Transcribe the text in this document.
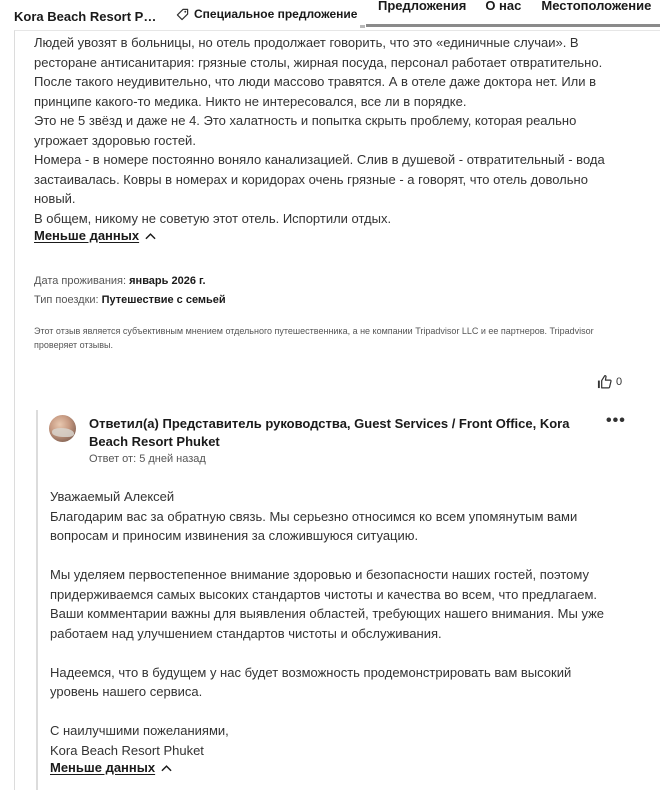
Kora Beach Resort P…	Специальное предложение
Предложения О нас Местоположение

Людей увозят в больницы, но отель продолжает говорить, что это «единичные случаи». В ресторане антисанитария: грязные столы, жирная посуда, персонал работает отвратительно. После такого неудивительно, что люди массово травятся. А в отеле даже доктора нет. Или в принципе какого-то медика. Никто не интересовался, все ли в порядке.

Это не 5 звёзд и даже не 4. Это халатность и попытка скрыть проблему, которая реально угрожает здоровью гостей.

Номера - в номере постоянно воняло канализацией. Слив в душевой - отвратительный - вода застаивалась. Ковры в номерах и коридорах очень грязные - а говорят, что отель довольно новый.

В общем, никому не советую этот отель. Испортили отдых.

Меньше данных
Дата проживания: январь 2026 г.
Тип поездки: Путешествие с семьей
Этот отзыв является субъективным мнением отдельного путешественника, а не компании Tripadvisor LLC и ее партнеров. Tripadvisor проверяет отзывы.
0
Ответил(а) Представитель руководства, Guest Services / Front Office, Kora Beach Resort Phuket
Ответ от: 5 дней назад
•••

Уважаемый Алексей

Благодарим вас за обратную связь. Мы серьезно относимся ко всем упомянутым вами вопросам и приносим извинения за сложившуюся ситуацию.

Мы уделяем первостепенное внимание здоровью и безопасности наших гостей, поэтому придерживаемся самых высоких стандартов чистоты и качества во всем, что предлагаем. Ваши комментарии важны для выявления областей, требующих нашего внимания. Мы уже работаем над улучшением стандартов чистоты и обслуживания.

Надеемся, что в будущем у нас будет возможность продемонстрировать вам высокий уровень нашего сервиса.

С наилучшими пожеланиями,

Kora Beach Resort Phuket

Меньше данных
